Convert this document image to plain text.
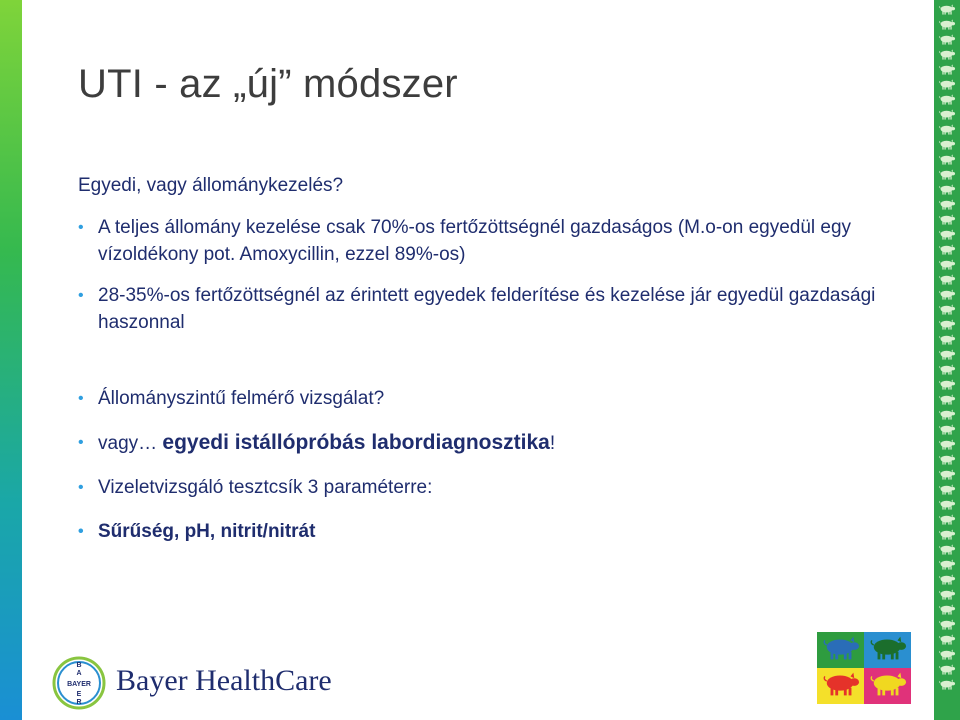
UTI - az „új” módszer
Egyedi, vagy állománykezelés?
• A teljes állomány kezelése csak 70%-os fertőzöttségnél gazdaságos (M.o-on egyedül egy vízoldékony pot. Amoxycillin, ezzel 89%-os)
• 28-35%-os fertőzöttségnél az érintett egyedek felderítése és kezelése jár egyedül gazdasági haszonnal
• Állományszintű felmérő vizsgálat?
• vagy… egyedi istállópróbás labordiagnosztika!
• Vizeletvizsgáló tesztcsík 3 paraméterre:
• Sűrűség, pH, nitrit/nitrát
B
A
BAYER
E
R
Bayer HealthCare
